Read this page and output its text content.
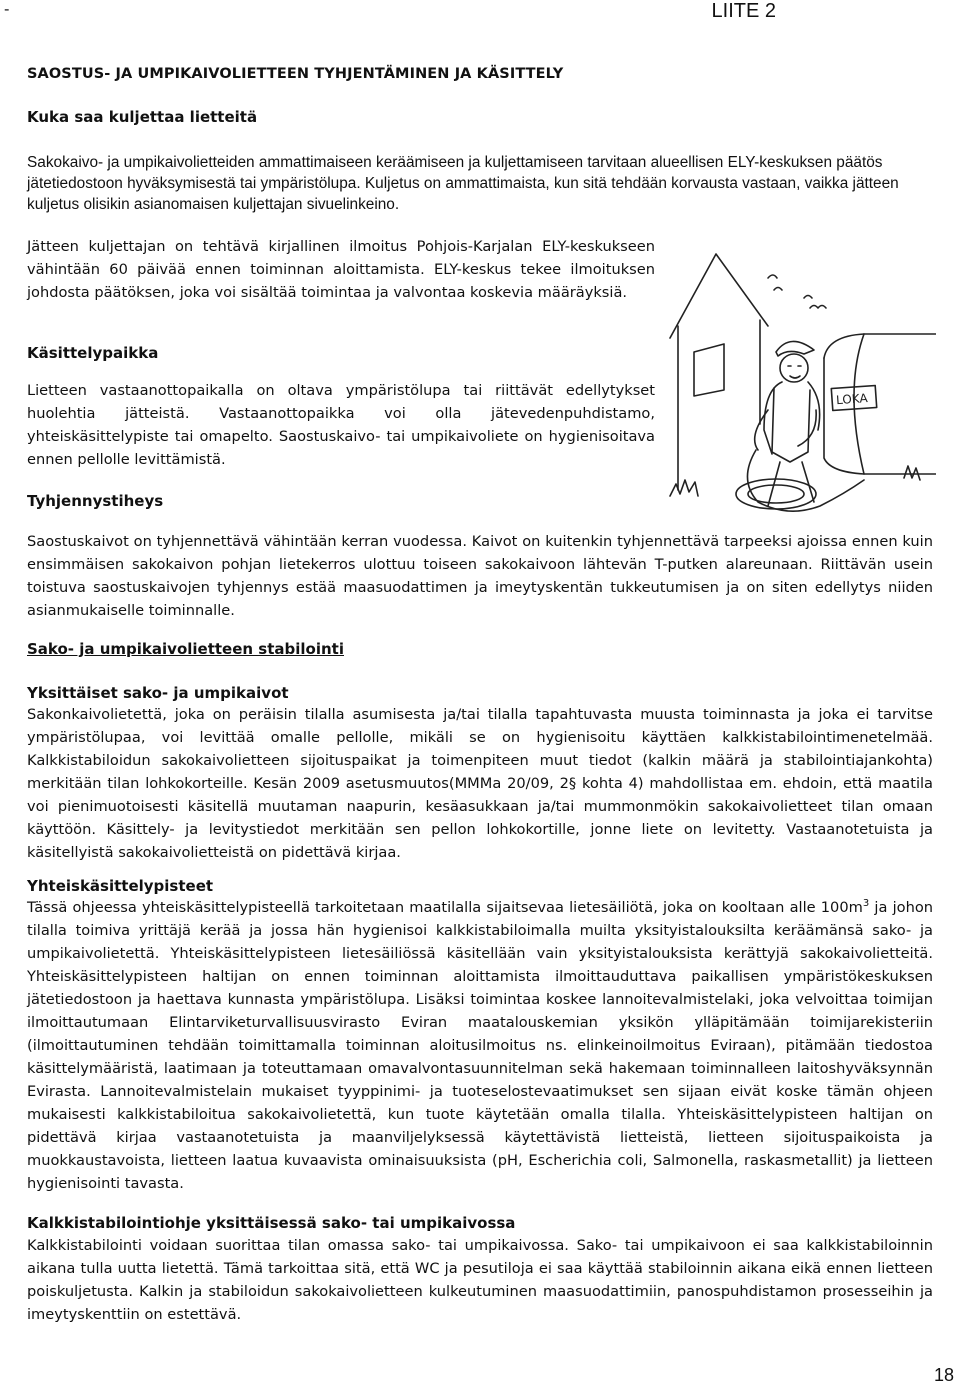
-	LIITE 2
SAOSTUS- JA UMPIKAIVOLIETTEEN TYHJENTÄMINEN JA KÄSITTELY
Kuka saa kuljettaa lietteitä

Sakokaivo- ja umpikaivolietteiden ammattimaiseen keräämiseen ja kuljettamiseen tarvitaan alueellisen ELY-keskuksen päätös jätetiedostoon hyväksymisestä tai ympäristölupa. Kuljetus on ammattimaista, kun sitä tehdään korvausta vastaan, vaikka jätteen kuljetus olisikin asianomaisen kuljettajan sivuelinkeino.

Jätteen kuljettajan on tehtävä kirjallinen ilmoitus Pohjois-Karjalan ELY-keskukseen vähintään 60 päivää ennen toiminnan aloittamista. ELY-keskus tekee ilmoituksen johdosta päätöksen, joka voi sisältää toimintaa ja valvontaa koskevia määräyksiä.

Käsittelypaikka

Lietteen vastaanottopaikalla on oltava ympäristölupa tai riittävät edellytykset huolehtia jätteistä. Vastaanottopaikka voi olla jätevedenpuhdistamo, yhteiskäsittelypiste tai omapelto. Saostuskaivo- tai umpikaivoliete on hygienisoitava ennen pellolle levittämistä.

Tyhjennystiheys

Saostuskaivot on tyhjennettävä vähintään kerran vuodessa. Kaivot on kuitenkin tyhjennettävä tarpeeksi ajoissa ennen kuin ensimmäisen sakokaivon pohjan lietekerros ulottuu toiseen sakokaivoon lähtevän T-putken alareunaan. Riittävän usein toistuva saostuskaivojen tyhjennys estää maasuodattimen ja imeytyskentän tukkeutumisen ja on siten edellytys niiden asianmukaiselle toiminnalle.

Sako- ja umpikaivolietteen stabilointi
Yksittäiset sako- ja umpikaivot

Sakonkaivolietettä, joka on peräisin tilalla asumisesta ja/tai tilalla tapahtuvasta muusta toiminnasta ja joka ei tarvitse ympäristölupaa, voi levittää omalle pellolle, mikäli se on hygienisoitu käyttäen kalkkistabilointimenetelmää. Kalkkistabiloidun sakokaivolietteen sijoituspaikat ja toimenpiteen muut tiedot (kalkin määrä ja stabilointiajankohta) merkitään tilan lohkokorteille. Kesän 2009 asetusmuutos(MMMa 20/09, 2§ kohta 4) mahdollistaa em. ehdoin, että maatila voi pienimuotoisesti käsitellä muutaman naapurin, kesäasukkaan ja/tai mummonmökin sakokaivolietteet tilan omaan käyttöön. Käsittely- ja levitystiedot merkitään sen pellon lohkokortille, jonne liete on levitetty. Vastaanotetuista ja käsitellyistä sakokaivolietteistä on pidettävä kirjaa.

Yhteiskäsittelypisteet

Tässä ohjeessa yhteiskäsittelypisteellä tarkoitetaan maatilalla sijaitsevaa lietesäiliötä, joka on kooltaan alle $100m^3$ ja johon tilalla toimiva yrittäjä kerää ja jossa hän hygienisoi kalkkistabiloimalla muilta yksityistalouksilta keräämänsä sako- ja umpikaivolietettä. Yhteiskäsittelypisteen lietesäiliössä käsitellään vain yksityistalouksista kerättyjä sakokaivolietteitä. Yhteiskäsittelypisteen haltijan on ennen toiminnan aloittamista ilmoittauduttava paikallisen ympäristökeskuksen jätetiedostoon ja haettava kunnasta ympäristölupa. Lisäksi toimintaa koskee lannoitevalmistelaki, joka velvoittaa toimijan ilmoittautumaan Elintarviketurvallisuusvirasto Eviran maatalouskemian yksikön ylläpitämään toimijarekisteriin (ilmoittautuminen tehdään toimittamalla toiminnan aloitusilmoitus ns. elinkeinoilmoitus Eviraan), pitämään tiedostoa käsittelymääristä, laatimaan ja toteuttamaan omavalvontasuunnitelman sekä hakemaan toiminnalleen laitoshyväksynnän Evirasta. Lannoitevalmistelain mukaiset tyyppinimi- ja tuoteselostevaatimukset sen sijaan eivät koske tämän ohjeen mukaisesti kalkkistabiloitua sakokaivolietettä, kun tuote käytetään omalla tilalla. Yhteiskäsittelypisteen haltijan on pidettävä kirjaa vastaanotetuista ja maanviljelyksessä käytettävistä lietteistä, lietteen sijoituspaikoista ja muokkaustavoista, lietteen laatua kuvaavista ominaisuuksista (pH, Escherichia coli, Salmonella, raskasmetallit) ja lietteen hygienisointi tavasta.

Kalkkistabilointiohje yksittäisessä sako- tai umpikaivossa

Kalkkistabilointi voidaan suorittaa tilan omassa sako- tai umpikaivossa. Sako- tai umpikaivoon ei saa kalkkistabiloinnin aikana tulla uutta lietettä. Tämä tarkoittaa sitä, että WC ja pesutiloja ei saa käyttää stabiloinnin aikana eikä ennen lietteen poiskuljetusta. Kalkin ja stabiloidun sakokaivolietteen kulkeutuminen maasuodattimiin, panospuhdistamon prosesseihin ja imeytyskenttiin on estettävä.

LOKA
18
